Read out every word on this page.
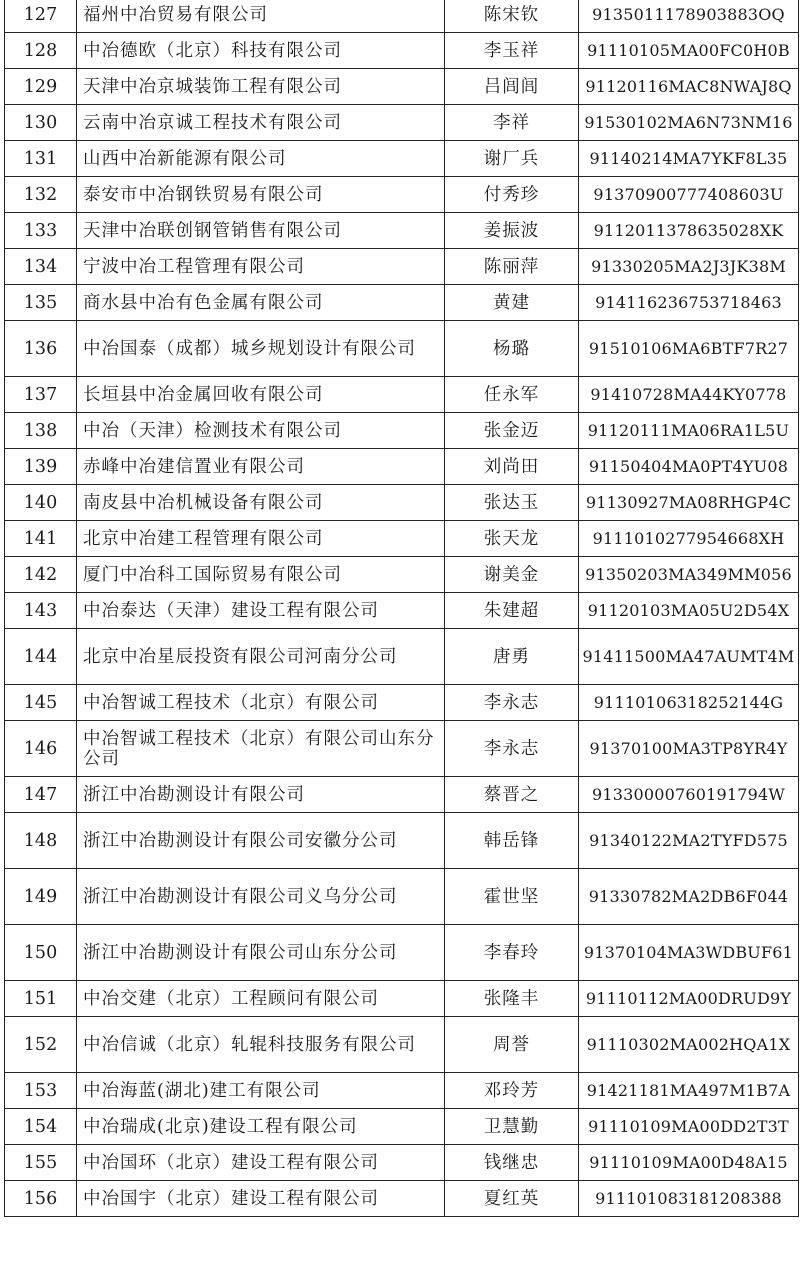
127	福州中冶贸易有限公司	陈宋钦	9135011178903883OQ
128	中冶德欧（北京）科技有限公司	李玉祥	91110105MA00FC0H0B
129	天津中冶京城装饰工程有限公司	吕闾闾	91120116MAC8NWAJ8Q
130	云南中冶京诚工程技术有限公司	李祥	91530102MA6N73NM16
131	山西中冶新能源有限公司	谢厂兵	91140214MA7YKF8L35
132	泰安市中冶钢铁贸易有限公司	付秀珍	91370900777408603U
133	天津中冶联创钢管销售有限公司	姜振波	9112011378635028XK
134	宁波中冶工程管理有限公司	陈丽萍	91330205MA2J3JK38M
135	商水县中冶有色金属有限公司	黄建	914116236753718463
136	中冶国泰（成都）城乡规划设计有限公司	杨璐	91510106MA6BTF7R27
137	长垣县中冶金属回收有限公司	任永军	91410728MA44KY0778
138	中冶（天津）检测技术有限公司	张金迈	91120111MA06RA1L5U
139	赤峰中冶建信置业有限公司	刘尚田	91150404MA0PT4YU08
140	南皮县中冶机械设备有限公司	张达玉	91130927MA08RHGP4C
141	北京中冶建工程管理有限公司	张天龙	9111010277954668XH
142	厦门中冶科工国际贸易有限公司	谢美金	91350203MA349MM056
143	中冶泰达（天津）建设工程有限公司	朱建超	91120103MA05U2D54X
144	北京中冶星辰投资有限公司河南分公司	唐勇	91411500MA47AUMT4M
145	中冶智诚工程技术（北京）有限公司	李永志	91110106318252144G
146	中冶智诚工程技术（北京）有限公司山东分公司	李永志	91370100MA3TP8YR4Y
147	浙江中冶勘测设计有限公司	蔡晋之	91330000760191794W
148	浙江中冶勘测设计有限公司安徽分公司	韩岳锋	91340122MA2TYFD575
149	浙江中冶勘测设计有限公司义乌分公司	霍世坚	91330782MA2DB6F044
150	浙江中冶勘测设计有限公司山东分公司	李春玲	91370104MA3WDBUF61
151	中冶交建（北京）工程顾问有限公司	张隆丰	91110112MA00DRUD9Y
152	中冶信诚（北京）轧辊科技服务有限公司	周誉	91110302MA002HQA1X
153	中冶海蓝(湖北)建工有限公司	邓玲芳	91421181MA497M1B7A
154	中冶瑞成(北京)建设工程有限公司	卫慧勤	91110109MA00DD2T3T
155	中冶国环（北京）建设工程有限公司	钱继忠	91110109MA00D48A15
156	中冶国宇（北京）建设工程有限公司	夏红英	911101083181208388
